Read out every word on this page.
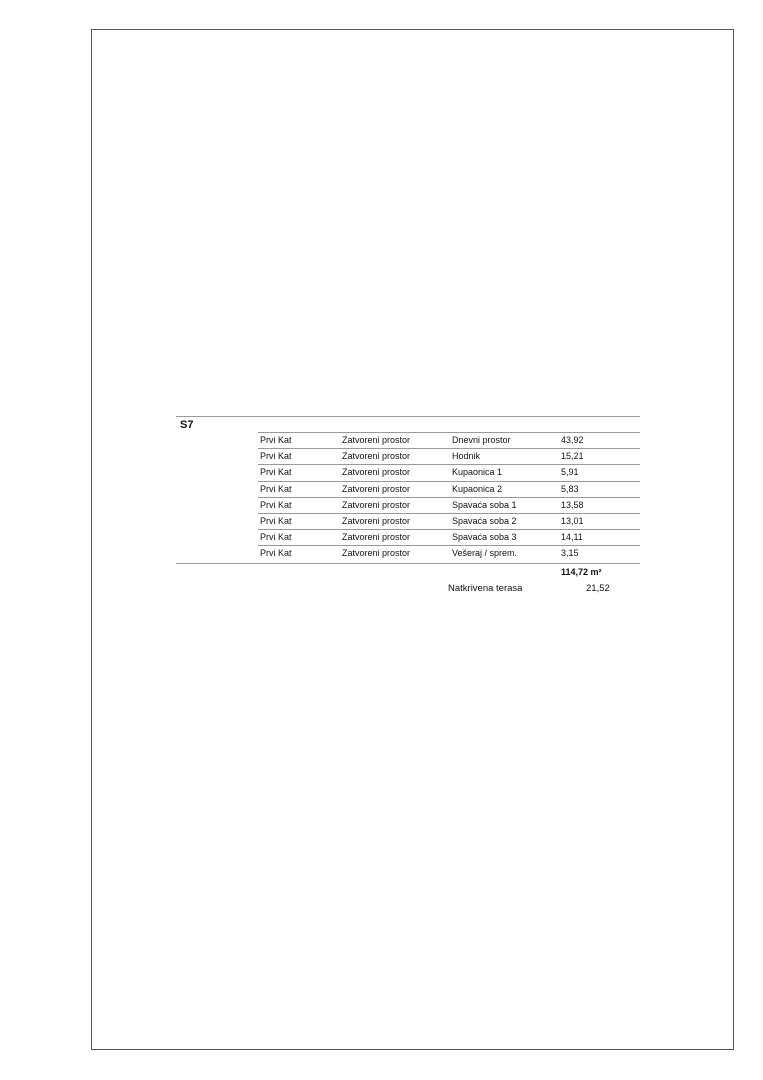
S7
Prvi Kat	Zatvoreni prostor	Dnevni prostor	43,92
Prvi Kat	Zatvoreni prostor	Hodnik	15,21
Prvi Kat	Zatvoreni prostor	Kupaonica 1	5,91
Prvi Kat	Zatvoreni prostor	Kupaonica 2	5,83
Prvi Kat	Zatvoreni prostor	Spavaća soba 1	13,58
Prvi Kat	Zatvoreni prostor	Spavaća soba 2	13,01
Prvi Kat	Zatvoreni prostor	Spavaća soba 3	14,11
Prvi Kat	Zatvoreni prostor	Vešeraj / sprem.	3,15
114,72 m²
Natkrivena terasa	21,52
